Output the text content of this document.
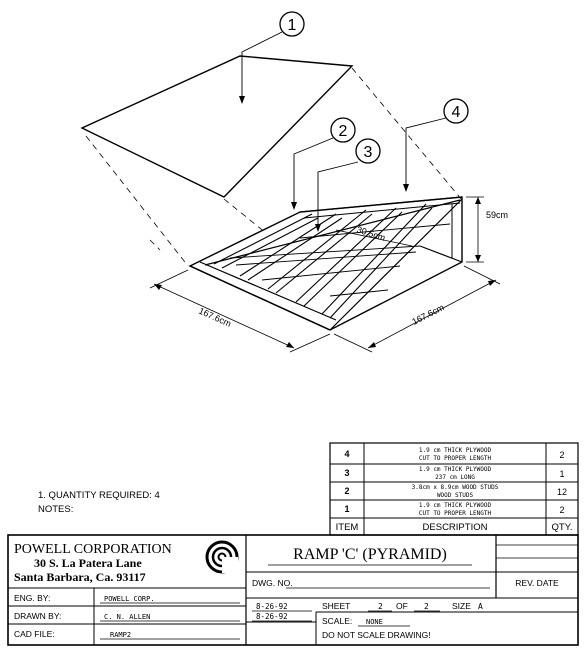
1
2
3
4
59cm
30.5cm
167.6cm	167.6cm
1. QUANTITY REQUIRED: 4
NOTES:
4	1.9 cm THICK PLYWOOD
CUT TO PROPER LENGTH	2
3	1.9 cm THICK PLYWOOD
237 cm LONG	1
2	3.8cm x 8.9cm WOOD STUDS
WOOD STUDS	12
1	1.9 cm THICK PLYWOOD
CUT TO PROPER LENGTH	2
ITEM	DESCRIPTION	QTY.
POWELL CORPORATION
30 S. La Patera Lane
Santa Barbara, Ca. 93117
RAMP 'C' (PYRAMID)
DWG. NO.	REV. DATE
ENG. BY:	POWELL CORP.
DRAWN BY:	C. N. ALLEN
CAD FILE:	RAMP2
8-26-92
8-26-92
SHEET	2 OF 2	SIZE A
SCALE: NONE
DO NOT SCALE DRAWING!
